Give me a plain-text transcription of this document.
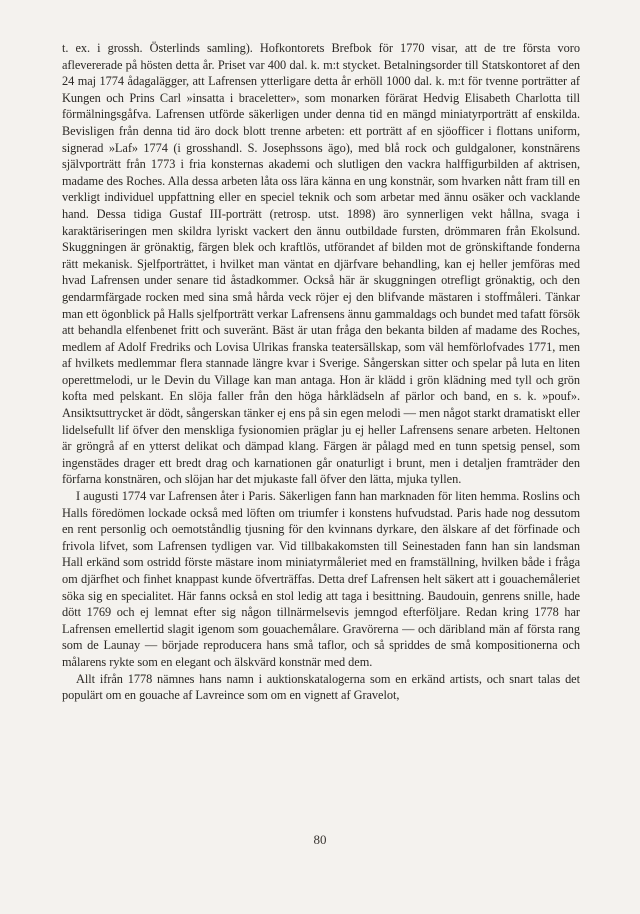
t. ex. i grossh. Österlinds samling). Hofkontorets Brefbok för 1770 visar, att de tre första voro aflevererade på hösten detta år. Priset var 400 dal. k. m:t stycket. Betalningsorder till Statskontoret af den 24 maj 1774 ådagalägger, att Lafrensen ytterligare detta år erhöll 1000 dal. k. m:t för tvenne porträtter af Kungen och Prins Carl »insatta i braceletter», som monarken förärat Hedvig Elisabeth Charlotta till förmälningsgåfva. Lafrensen utförde säkerligen under denna tid en mängd miniatyrporträtt af enskilda. Bevisligen från denna tid äro dock blott trenne arbeten: ett porträtt af en sjöofficer i flottans uniform, signerad »Laf» 1774 (i grosshandl. S. Josephssons ägo), med blå rock och guldgaloner, konstnärens självporträtt från 1773 i fria konsternas akademi och slutligen den vackra halffigurbilden af aktrisen, madame des Roches. Alla dessa arbeten låta oss lära känna en ung konstnär, som hvarken nått fram till en verkligt individuel uppfattning eller en speciel teknik och som arbetar med ännu osäker och vacklande hand. Dessa tidiga Gustaf III-porträtt (retrosp. utst. 1898) äro synnerligen vekt hållna, svaga i karaktäriseringen men skildra lyriskt vackert den ännu outbildade fursten, drömmaren från Ekolsund. Skuggningen är grönaktig, färgen blek och kraftlös, utförandet af bilden mot de grönskiftande fonderna rätt mekanisk. Sjelfporträttet, i hvilket man väntat en djärfvare behandling, kan ej heller jemföras med hvad Lafrensen under senare tid åstadkommer. Också här är skuggningen otrefligt grönaktig, och den gendarmfärgade rocken med sina små hårda veck röjer ej den blifvande mästaren i stoffmåleri. Tänkar man ett ögonblick på Halls sjelfporträtt verkar Lafrensens ännu gammaldags och bundet med tafatt försök att behandla elfenbenet fritt och suveränt. Bäst är utan fråga den bekanta bilden af madame des Roches, medlem af Adolf Fredriks och Lovisa Ulrikas franska teatersällskap, som väl hemförlofvades 1771, men af hvilkets medlemmar flera stannade längre kvar i Sverige. Sångerskan sitter och spelar på luta en liten operettmelodi, ur le Devin du Village kan man antaga. Hon är klädd i grön klädning med tyll och grön kofta med pelskant. En slöja faller från den höga hårklädseln af pärlor och band, en s. k. »pouf». Ansiktsuttrycket är dödt, sångerskan tänker ej ens på sin egen melodi — men något starkt dramatiskt eller lidelsefullt lif öfver den menskliga fysionomien präglar ju ej heller Lafrensens senare arbeten. Heltonen är gröngrå af en ytterst delikat och dämpad klang. Färgen är pålagd med en tunn spetsig pensel, som ingenstädes drager ett bredt drag och karnationen går onaturligt i brunt, men i detaljen framträder den förfarna konstnären, och slöjan har det mjukaste fall öfver den lätta, mjuka tyllen.

I augusti 1774 var Lafrensen åter i Paris. Säkerligen fann han marknaden för liten hemma. Roslins och Halls föredömen lockade också med löften om triumfer i konstens hufvudstad. Paris hade nog dessutom en rent personlig och oemotståndlig tjusning för den kvinnans dyrkare, den älskare af det förfinade och frivola lifvet, som Lafrensen tydligen var. Vid tillbakakomsten till Seinestaden fann han sin landsman Hall erkänd som ostridd förste mästare inom miniatyrmåleriet med en framställning, hvilken både i fråga om djärfhet och finhet knappast kunde öfverträffas. Detta dref Lafrensen helt säkert att i gouachemåleriet söka sig en specialitet. Här fanns också en stol ledig att taga i besittning. Baudouin, genrens snille, hade dött 1769 och ej lemnat efter sig någon tillnärmelsevis jemngod efterföljare. Redan kring 1778 har Lafrensen emellertid slagit igenom som gouachemålare. Gravörerna — och däribland män af första rang som de Launay — började reproducera hans små taflor, och så spriddes de små kompositionerna och målarens rykte som en elegant och älskvärd konstnär med dem.

Allt ifrån 1778 nämnes hans namn i auktionskatalogerna som en erkänd artists, och snart talas det populärt om en gouache af Lavreince som om en vignett af Gravelot,

80
